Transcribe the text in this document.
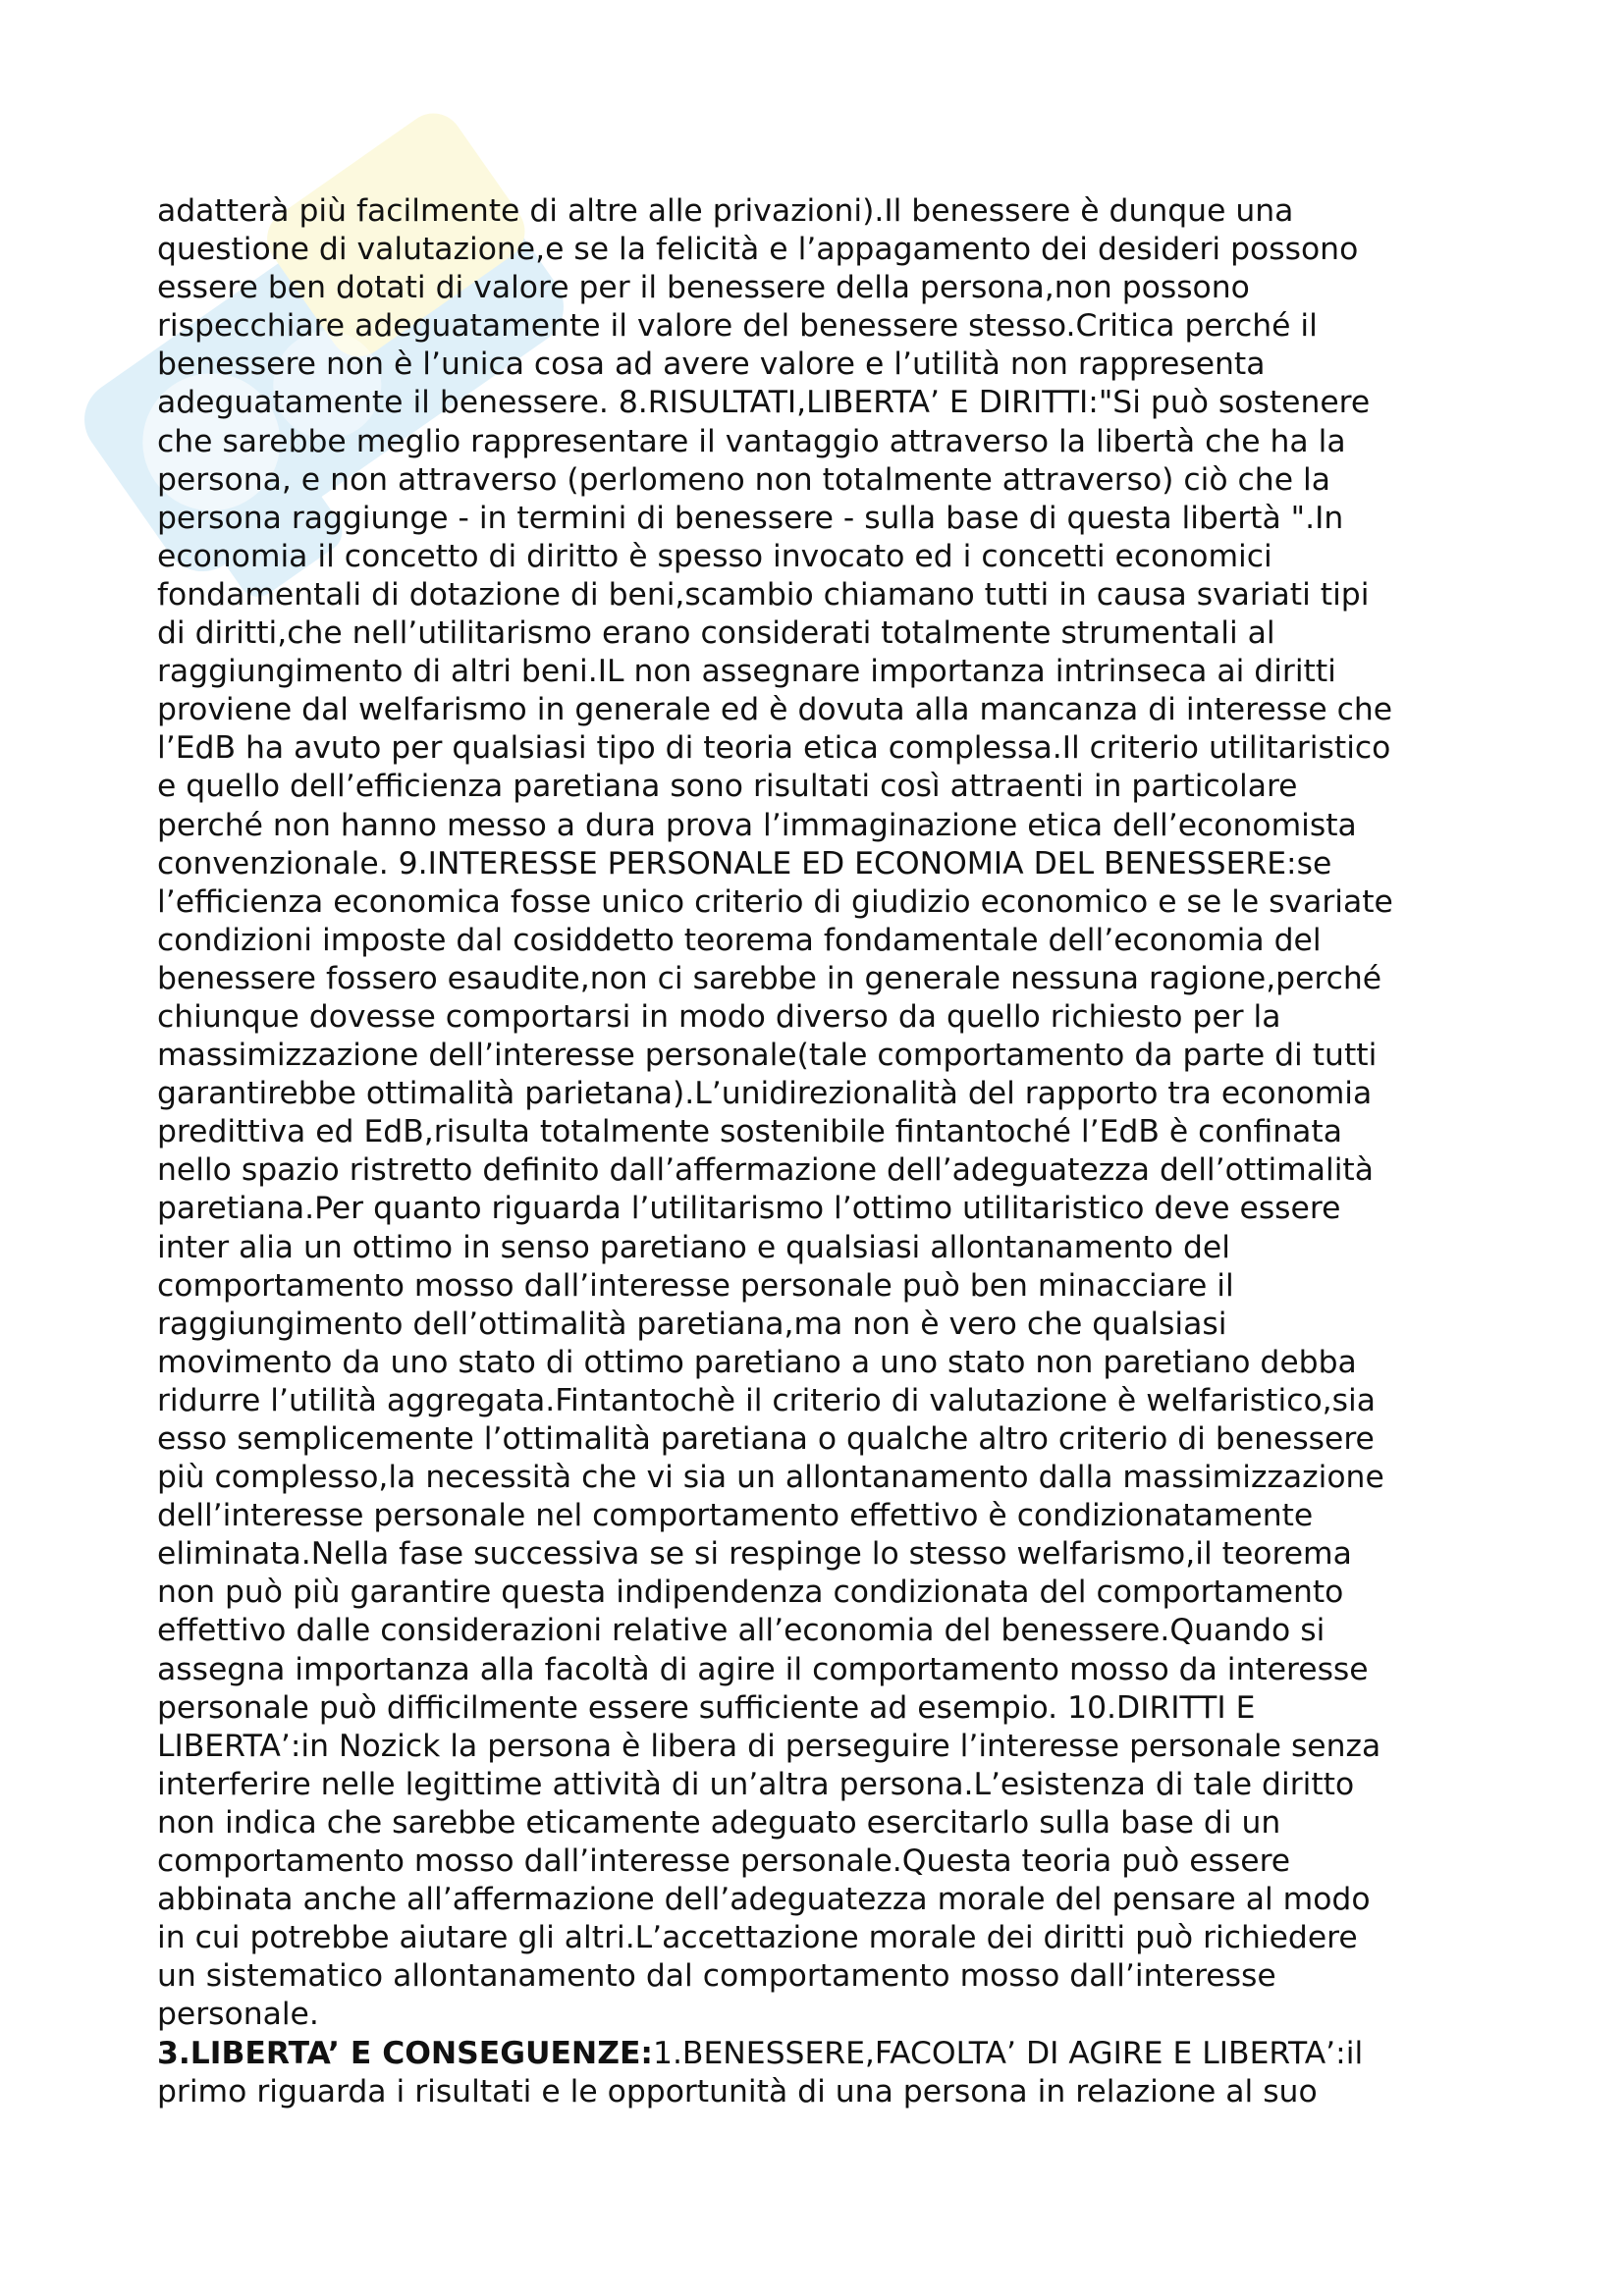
adatterà più facilmente di altre alle privazioni).Il benessere è dunque una
questione di valutazione,e se la felicità e l’appagamento dei desideri possono
essere ben dotati di valore per il benessere della persona,non possono
rispecchiare adeguatamente il valore del benessere stesso.Critica perché il
benessere non è l’unica cosa ad avere valore e l’utilità non rappresenta
adeguatamente il benessere. 8.RISULTATI,LIBERTA’ E DIRITTI:"Si può sostenere
che sarebbe meglio rappresentare il vantaggio attraverso la libertà che ha la
persona, e non attraverso (perlomeno non totalmente attraverso) ciò che la
persona raggiunge - in termini di benessere - sulla base di questa libertà ".In
economia il concetto di diritto è spesso invocato ed i concetti economici
fondamentali di dotazione di beni,scambio chiamano tutti in causa svariati tipi
di diritti,che nell’utilitarismo erano considerati totalmente strumentali al
raggiungimento di altri beni.IL non assegnare importanza intrinseca ai diritti
proviene dal welfarismo in generale ed è dovuta alla mancanza di interesse che
l’EdB ha avuto per qualsiasi tipo di teoria etica complessa.Il criterio utilitaristico
e quello dell’efficienza paretiana sono risultati così attraenti in particolare
perché non hanno messo a dura prova l’immaginazione etica dell’economista
convenzionale. 9.INTERESSE PERSONALE ED ECONOMIA DEL BENESSERE:se
l’efficienza economica fosse unico criterio di giudizio economico e se le svariate
condizioni imposte dal cosiddetto teorema fondamentale dell’economia del
benessere fossero esaudite,non ci sarebbe in generale nessuna ragione,perché
chiunque dovesse comportarsi in modo diverso da quello richiesto per la
massimizzazione dell’interesse personale(tale comportamento da parte di tutti
garantirebbe ottimalità parietana).L’unidirezionalità del rapporto tra economia
predittiva ed EdB,risulta totalmente sostenibile fintantoché l’EdB è confinata
nello spazio ristretto definito dall’affermazione dell’adeguatezza dell’ottimalità
paretiana.Per quanto riguarda l’utilitarismo l’ottimo utilitaristico deve essere
inter alia un ottimo in senso paretiano e qualsiasi allontanamento del
comportamento mosso dall’interesse personale può ben minacciare il
raggiungimento dell’ottimalità paretiana,ma non è vero che qualsiasi
movimento da uno stato di ottimo paretiano a uno stato non paretiano debba
ridurre l’utilità aggregata.Fintantochè il criterio di valutazione è welfaristico,sia
esso semplicemente l’ottimalità paretiana o qualche altro criterio di benessere
più complesso,la necessità che vi sia un allontanamento dalla massimizzazione
dell’interesse personale nel comportamento effettivo è condizionatamente
eliminata.Nella fase successiva se si respinge lo stesso welfarismo,il teorema
non può più garantire questa indipendenza condizionata del comportamento
effettivo dalle considerazioni relative all’economia del benessere.Quando si
assegna importanza alla facoltà di agire il comportamento mosso da interesse
personale può difficilmente essere sufficiente ad esempio. 10.DIRITTI E
LIBERTA’:in Nozick la persona è libera di perseguire l’interesse personale senza
interferire nelle legittime attività di un’altra persona.L’esistenza di tale diritto
non indica che sarebbe eticamente adeguato esercitarlo sulla base di un
comportamento mosso dall’interesse personale.Questa teoria può essere
abbinata anche all’affermazione dell’adeguatezza morale del pensare al modo
in cui potrebbe aiutare gli altri.L’accettazione morale dei diritti può richiedere
un sistematico allontanamento dal comportamento mosso dall’interesse
personale.
3.LIBERTA’ E CONSEGUENZE:1.BENESSERE,FACOLTA’ DI AGIRE E LIBERTA’:il
primo riguarda i risultati e le opportunità di una persona in relazione al suo
